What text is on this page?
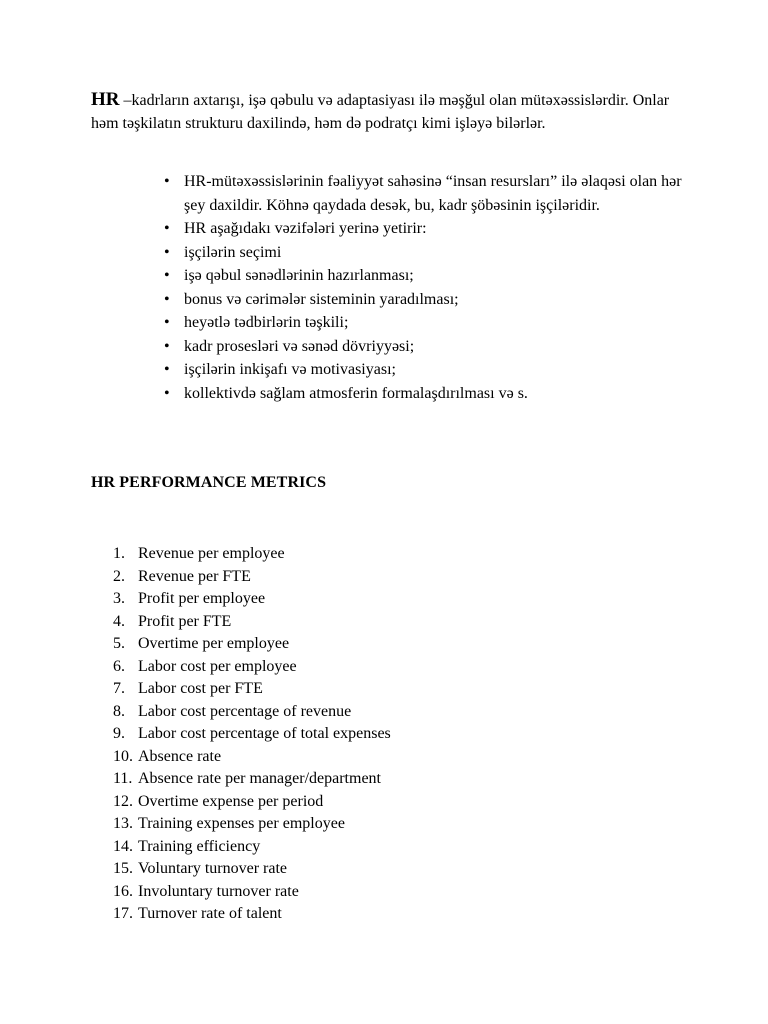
HR –kadrların axtarışı, işə qəbulu və adaptasiyası ilə məşğul olan mütəxəssislərdir. Onlar həm təşkilatın strukturu daxilində, həm də podratçı kimi işləyə bilərlər.

• HR-mütəxəssislərinin fəaliyyət sahəsinə “insan resursları” ilə əlaqəsi olan hər şey daxildir. Köhnə qaydada desək, bu, kadr şöbəsinin işçiləridir.
• HR aşağıdakı vəzifələri yerinə yetirir:
• işçilərin seçimi
• işə qəbul sənədlərinin hazırlanması;
• bonus və cərimələr sisteminin yaradılması;
• heyətlə tədbirlərin təşkili;
• kadr prosesləri və sənəd dövriyyəsi;
• işçilərin inkişafı və motivasiyası;
• kollektivdə sağlam atmosferin formalaşdırılması və s.
HR PERFORMANCE METRICS
1. Revenue per employee
2. Revenue per FTE
3. Profit per employee
4. Profit per FTE
5. Overtime per employee
6. Labor cost per employee
7. Labor cost per FTE
8. Labor cost percentage of revenue
9. Labor cost percentage of total expenses
10. Absence rate
11. Absence rate per manager/department
12. Overtime expense per period
13. Training expenses per employee
14. Training efficiency
15. Voluntary turnover rate
16. Involuntary turnover rate
17. Turnover rate of talent
